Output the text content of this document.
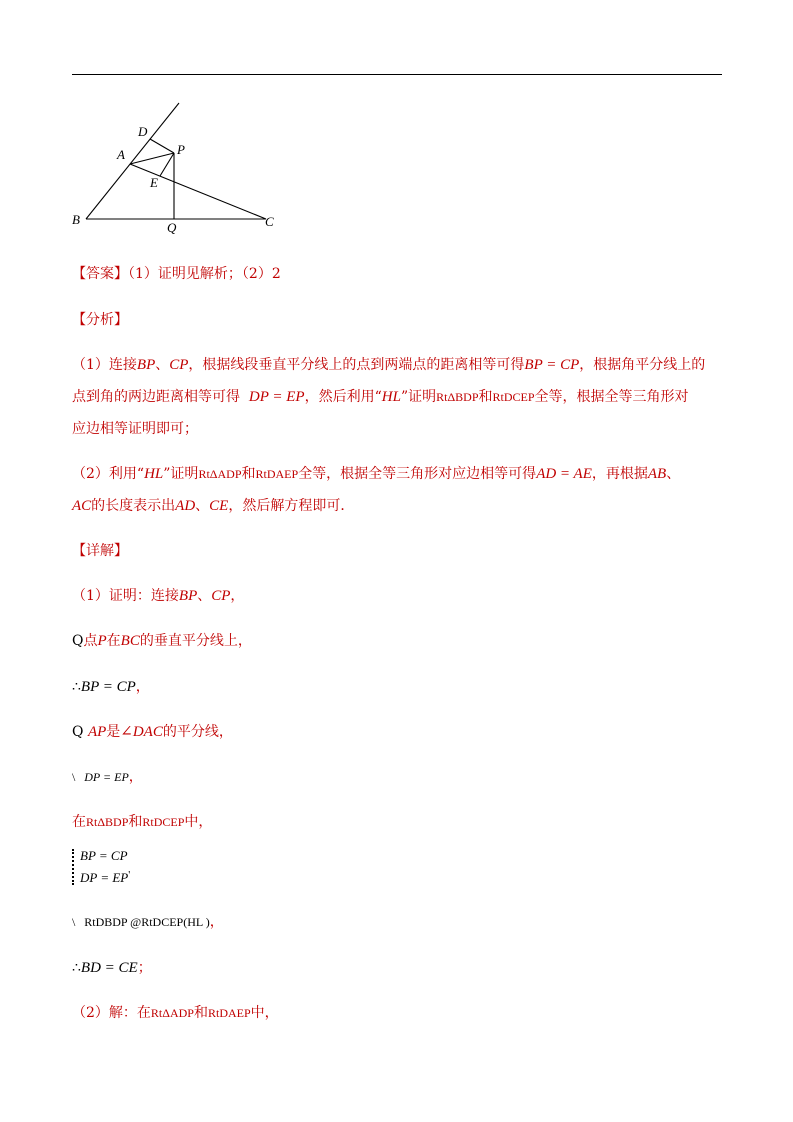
D
A	P
E
B
Q	C
【答案】（1）证明见解析；（2）2
【分析】
（1）连接BP、CP，根据线段垂直平分线上的点到两端点的距离相等可得BP = CP，根据角平分线上的
点到角的两边距离相等可得 DP = EP，然后利用“HL”证明RtΔBDP和RtDCEP全等，根据全等三角形对
应边相等证明即可；
（2）利用“HL”证明RtΔADP和RtDAEP全等，根据全等三角形对应边相等可得AD = AE，再根据AB、
AC的长度表示出AD、CE，然后解方程即可．
【详解】
（1）证明：连接BP、CP，
Q点P在BC的垂直平分线上，
∴BP = CP，
Q AP是∠DAC的平分线，
\ DP = EP，
在RtΔBDP和RtDCEP中，
BP = CP
DP = EP'
\ RtDBDP @RtDCEP(HL )，
∴BD = CE；
（2）解：在RtΔADP和RtDAEP中，
